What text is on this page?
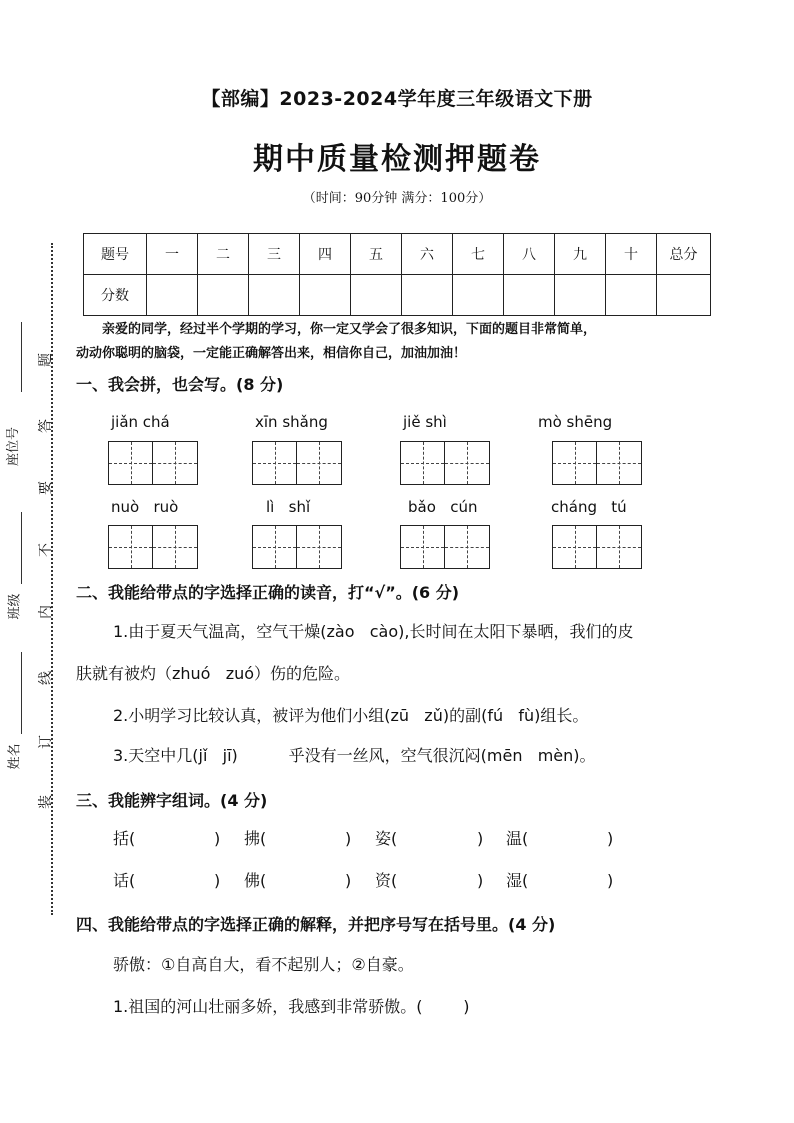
【部编】2023-2024学年度三年级语文下册
期中质量检测押题卷
（时间：90分钟 满分：100分）
题号	一	二	三	四	五	六	七	八	九	十	总分
分数											
亲爱的同学，经过半个学期的学习，你一定又学会了很多知识，下面的题目非常简单，
动动你聪明的脑袋，一定能正确解答出来，相信你自己，加油加油！
座位号
班级
姓名
题
答
要
不
内
线
订
装
一、我会拼，也会写。(8 分)
jiǎn chá	xīn shǎng	jiě shì	mò shēng
nuò   ruò	lì   shǐ	bǎo   cún	cháng   tú
二、我能给带点的字选择正确的读音，打“√”。(6 分)
1.由于夏天气温高，空气干燥(zào   cào),长时间在太阳下暴晒，我们的皮
肤就有被灼（zhuó   zuó）伤的危险。
2.小明学习比较认真，被评为他们小组(zū   zǔ)的副(fú   fù)组长。
3.天空中几(jǐ   jī)          乎没有一丝风，空气很沉闷(mēn   mèn)。
三、我能辨字组词。(4 分)
括(	) 拂(	) 姿(	) 温(	)
话(	) 佛(	) 资(	) 湿(	)
四、我能给带点的字选择正确的解释，并把序号写在括号里。(4 分)
骄傲：①自高自大，看不起别人；②自豪。
1.祖国的河山壮丽多娇，我感到非常骄傲。(        )
